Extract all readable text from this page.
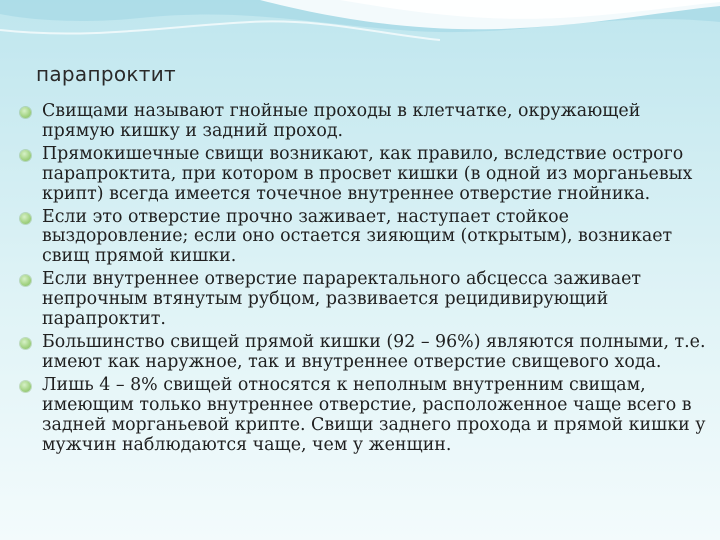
парапроктит
Свищами называют гнойные проходы в клетчатке, окружающей прямую кишку и задний проход.
Прямокишечные свищи возникают, как правило, вследствие острого парапроктита, при котором в просвет кишки (в одной из морганьевых крипт) всегда имеется точечное внутреннее отверстие гнойника.
Если это отверстие прочно заживает, наступает стойкое выздоровление; если оно остается зияющим (открытым), возникает свищ прямой кишки.
Если внутреннее отверстие параректального абсцесса заживает непрочным втянутым рубцом, развивается рецидивирующий парапроктит.
Большинство свищей прямой кишки (92 – 96%) являются полными, т.е. имеют как наружное, так и внутреннее отверстие свищевого хода.
Лишь 4 – 8% свищей относятся к неполным внутренним свищам, имеющим только внутреннее отверстие, расположенное чаще всего в задней морганьевой крипте. Свищи заднего прохода и прямой кишки у мужчин наблюдаются чаще, чем у женщин.
